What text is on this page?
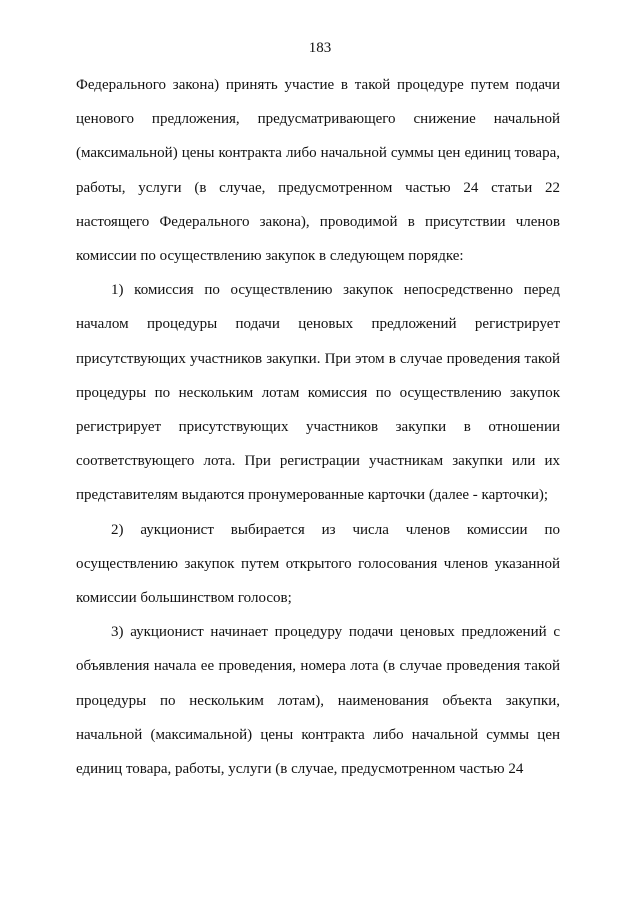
183

Федерального закона) принять участие в такой процедуре путем подачи ценового предложения, предусматривающего снижение начальной (максимальной) цены контракта либо начальной суммы цен единиц товара, работы, услуги (в случае, предусмотренном частью 24 статьи 22 настоящего Федерального закона), проводимой в присутствии членов комиссии по осуществлению закупок в следующем порядке:

1) комиссия по осуществлению закупок непосредственно перед началом процедуры подачи ценовых предложений регистрирует присутствующих участников закупки. При этом в случае проведения такой процедуры по нескольким лотам комиссия по осуществлению закупок регистрирует присутствующих участников закупки в отношении соответствующего лота. При регистрации участникам закупки или их представителям выдаются пронумерованные карточки (далее - карточки);

2) аукционист выбирается из числа членов комиссии по осуществлению закупок путем открытого голосования членов указанной комиссии большинством голосов;

3) аукционист начинает процедуру подачи ценовых предложений с объявления начала ее проведения, номера лота (в случае проведения такой процедуры по нескольким лотам), наименования объекта закупки, начальной (максимальной) цены контракта либо начальной суммы цен единиц товара, работы, услуги (в случае, предусмотренном частью 24
